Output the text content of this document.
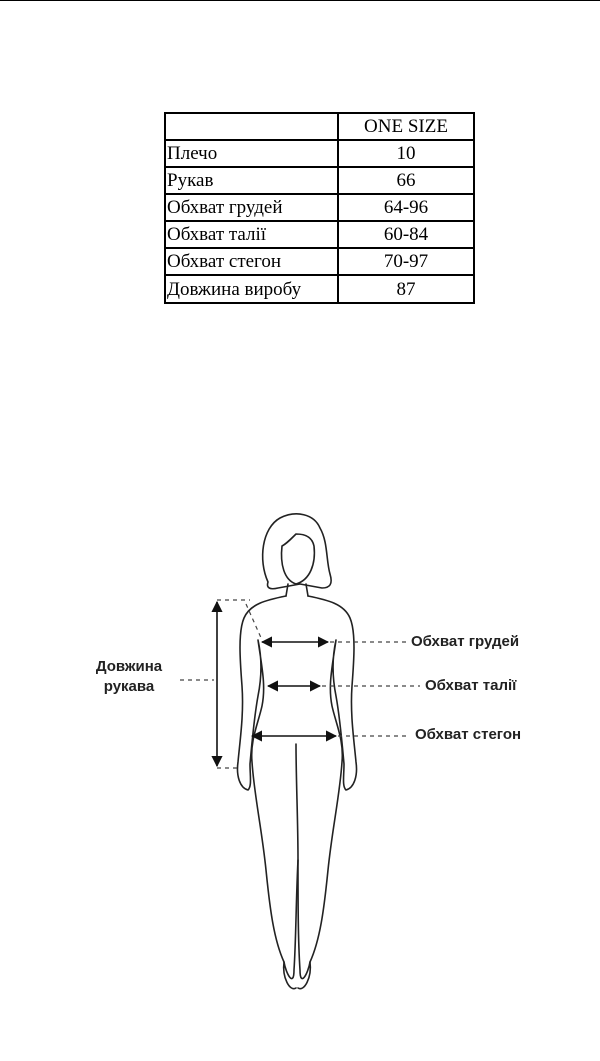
	ONE SIZE
Плечо	10
Рукав	66
Обхват грудей	64-96
Обхват талії	60-84
Обхват стегон	70-97
Довжина виробу	87
Довжина рукава
Обхват грудей
Обхват талії
Обхват стегон
